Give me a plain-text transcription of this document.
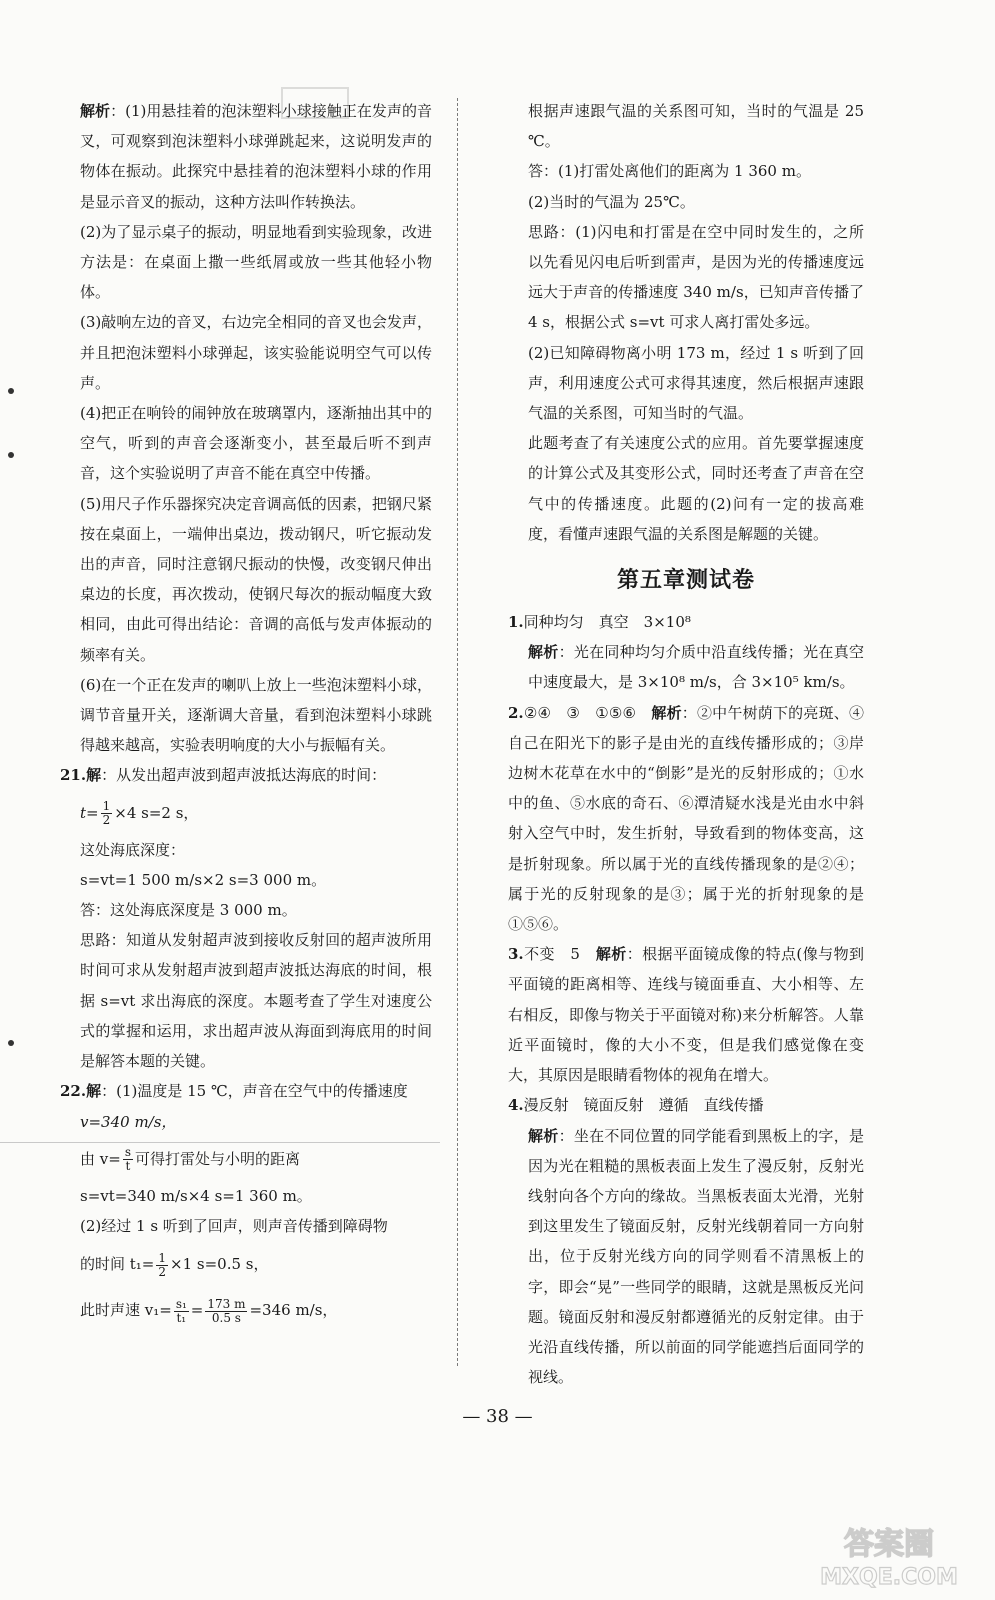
解析：(1)用悬挂着的泡沫塑料小球接触正在发声的音叉，可观察到泡沫塑料小球弹跳起来，这说明发声的物体在振动。此探究中悬挂着的泡沫塑料小球的作用是显示音叉的振动，这种方法叫作转换法。

(2)为了显示桌子的振动，明显地看到实验现象，改进方法是：在桌面上撒一些纸屑或放一些其他轻小物体。

(3)敲响左边的音叉，右边完全相同的音叉也会发声，并且把泡沫塑料小球弹起，该实验能说明空气可以传声。

(4)把正在响铃的闹钟放在玻璃罩内，逐渐抽出其中的空气，听到的声音会逐渐变小，甚至最后听不到声音，这个实验说明了声音不能在真空中传播。

(5)用尺子作乐器探究决定音调高低的因素，把钢尺紧按在桌面上，一端伸出桌边，拨动钢尺，听它振动发出的声音，同时注意钢尺振动的快慢，改变钢尺伸出桌边的长度，再次拨动，使钢尺每次的振动幅度大致相同，由此可得出结论：音调的高低与发声体振动的频率有关。

(6)在一个正在发声的喇叭上放上一些泡沫塑料小球，调节音量开关，逐渐调大音量，看到泡沫塑料小球跳得越来越高，实验表明响度的大小与振幅有关。

21.解：从发出超声波到超声波抵达海底的时间：

$t= \frac{1}{2} \times 4$ s=2 s，

这处海底深度：

s=vt=1 500 m/s×2 s=3 000 m。

答：这处海底深度是 3 000 m。

思路：知道从发射超声波到接收反射回的超声波所用时间可求从发射超声波到超声波抵达海底的时间，根据 s=vt 求出海底的深度。本题考查了学生对速度公式的掌握和运用，求出超声波从海面到海底用的时间是解答本题的关键。

22.解：(1)温度是 15 ℃，声音在空气中的传播速度

v=340 m/s，

由 $v= \frac{s}{t}$ 可得打雷处与小明的距离

s=vt=340 m/s×4 s=1 360 m。

(2)经过 1 s 听到了回声，则声音传播到障碍物

的时间 $t_1= \frac{1}{2} \times 1$ s=0.5 s，

此时声速 $v_1= \frac{\text{s₁}}{\text{t₁}} = \frac{173 m}{0.5 s} =346$ m/s，

根据声速跟气温的关系图可知，当时的气温是 25 ℃。

答：(1)打雷处离他们的距离为 1 360 m。

(2)当时的气温为 25℃。

思路：(1)闪电和打雷是在空中同时发生的，之所以先看见闪电后听到雷声，是因为光的传播速度远远大于声音的传播速度 340 m/s，已知声音传播了 4 s，根据公式 s=vt 可求人离打雷处多远。

(2)已知障碍物离小明 173 m，经过 1 s 听到了回声，利用速度公式可求得其速度，然后根据声速跟气温的关系图，可知当时的气温。

此题考查了有关速度公式的应用。首先要掌握速度的计算公式及其变形公式，同时还考查了声音在空气中的传播速度。此题的(2)问有一定的拔高难度，看懂声速跟气温的关系图是解题的关键。

第五章测试卷

1.同种均匀　真空　3×10⁸

解析：光在同种均匀介质中沿直线传播；光在真空中速度最大，是 3×10⁸ m/s，合 3×10⁵ km/s。

2.②④　③　①⑤⑥　解析：②中午树荫下的亮斑、④自己在阳光下的影子是由光的直线传播形成的；③岸边树木花草在水中的“倒影”是光的反射形成的；①水中的鱼、⑤水底的奇石、⑥潭清疑水浅是光由水中斜射入空气中时，发生折射，导致看到的物体变高，这是折射现象。所以属于光的直线传播现象的是②④；属于光的反射现象的是③；属于光的折射现象的是①⑤⑥。

3.不变　5　解析：根据平面镜成像的特点(像与物到平面镜的距离相等、连线与镜面垂直、大小相等、左右相反，即像与物关于平面镜对称)来分析解答。人靠近平面镜时，像的大小不变，但是我们感觉像在变大，其原因是眼睛看物体的视角在增大。

4.漫反射　镜面反射　遵循　直线传播

解析：坐在不同位置的同学能看到黑板上的字，是因为光在粗糙的黑板表面上发生了漫反射，反射光线射向各个方向的缘故。当黑板表面太光滑，光射到这里发生了镜面反射，反射光线朝着同一方向射出，位于反射光线方向的同学则看不清黑板上的字，即会“晃”一些同学的眼睛，这就是黑板反光问题。镜面反射和漫反射都遵循光的反射定律。由于光沿直线传播，所以前面的同学能遮挡后面同学的视线。

— 38 —
答案圈
MXQE.COM
